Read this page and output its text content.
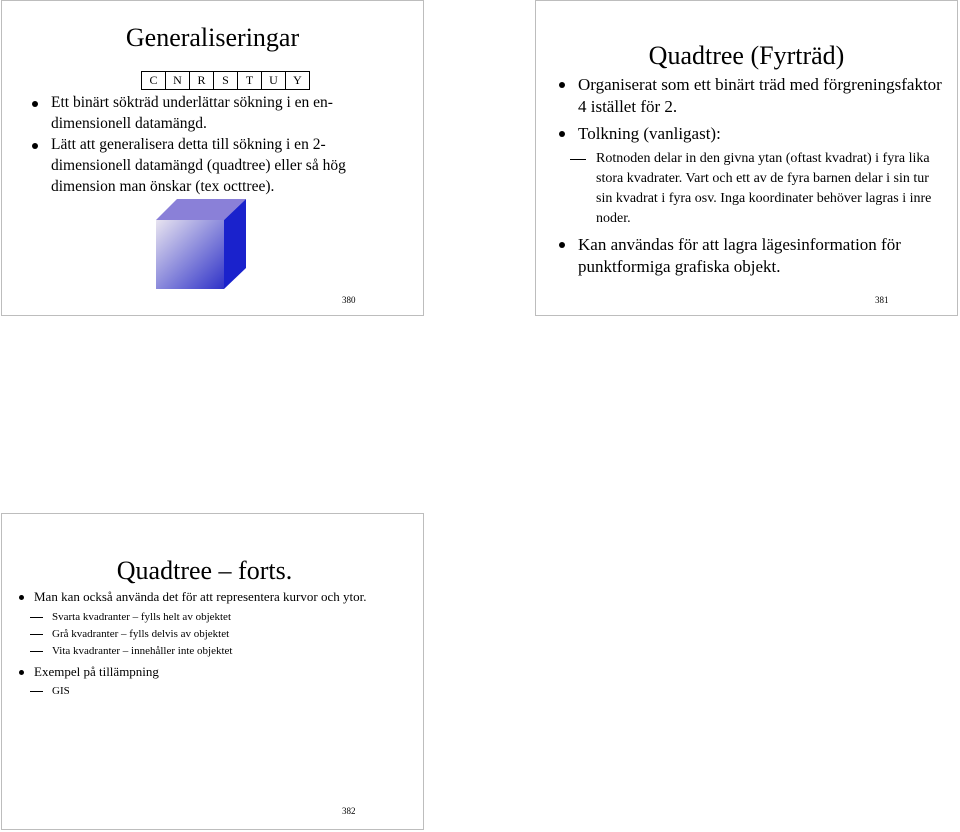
Generaliseringar
C	N	R	S	T	U	Y
Ett binärt sökträd underlättar sökning i en en- dimensionell datamängd.
Lätt att generalisera detta till sökning i en 2- dimensionell datamängd (quadtree) eller så hög dimension man önskar (tex octtree).
380
Quadtree (Fyrträd)
Organiserat som ett binärt träd med förgreningsfaktor 4 istället för 2.
Tolkning (vanligast):
Rotnoden delar in den givna ytan (oftast kvadrat) i fyra lika stora kvadrater. Vart och ett av de fyra barnen delar i sin tur sin kvadrat i fyra osv. Inga koordinater behöver lagras i inre noder.
Kan användas för att lagra lägesinformation för punktformiga grafiska objekt.
381
Quadtree – forts.
Man kan också använda det för att representera kurvor och ytor.
Svarta kvadranter – fylls helt av objektet
Grå kvadranter – fylls delvis av objektet
Vita kvadranter – innehåller inte objektet
Exempel på tillämpning
GIS
382
